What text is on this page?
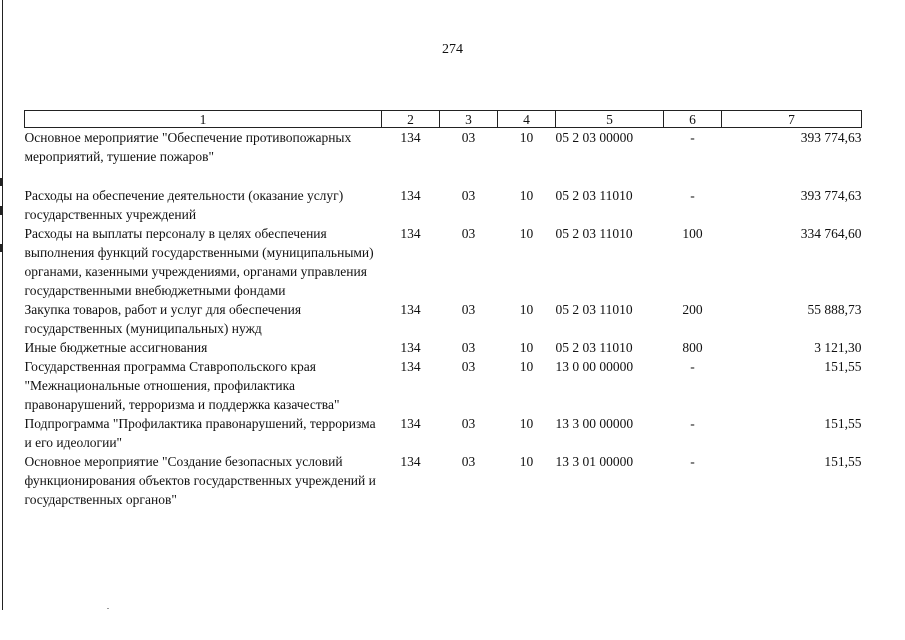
274
1	2	3	4	5	6	7
Основное мероприятие "Обеспечение противопожарных мероприятий, тушение пожаров"	134	03	10	05 2 03 00000	-	393 774,63
Расходы на обеспечение деятельности (оказание услуг) государственных учреждений	134	03	10	05 2 03 11010	-	393 774,63
Расходы на выплаты персоналу в целях обеспечения выполнения функций государственными (муниципальными) органами, казенными учреждениями, органами управления государственными внебюджетными фондами	134	03	10	05 2 03 11010	100	334 764,60
Закупка товаров, работ и услуг для обеспечения государственных (муниципальных) нужд	134	03	10	05 2 03 11010	200	55 888,73
Иные бюджетные ассигнования	134	03	10	05 2 03 11010	800	3 121,30
Государственная программа Ставропольского края "Межнациональные отношения, профилактика правонарушений, терроризма и поддержка казачества"	134	03	10	13 0 00 00000	-	151,55
Подпрограмма "Профилактика правонарушений, терроризма и его идеологии"	134	03	10	13 3 00 00000	-	151,55
Основное мероприятие "Создание безопасных условий функционирования объектов государственных учреждений и государственных органов"	134	03	10	13 3 01 00000	-	151,55
